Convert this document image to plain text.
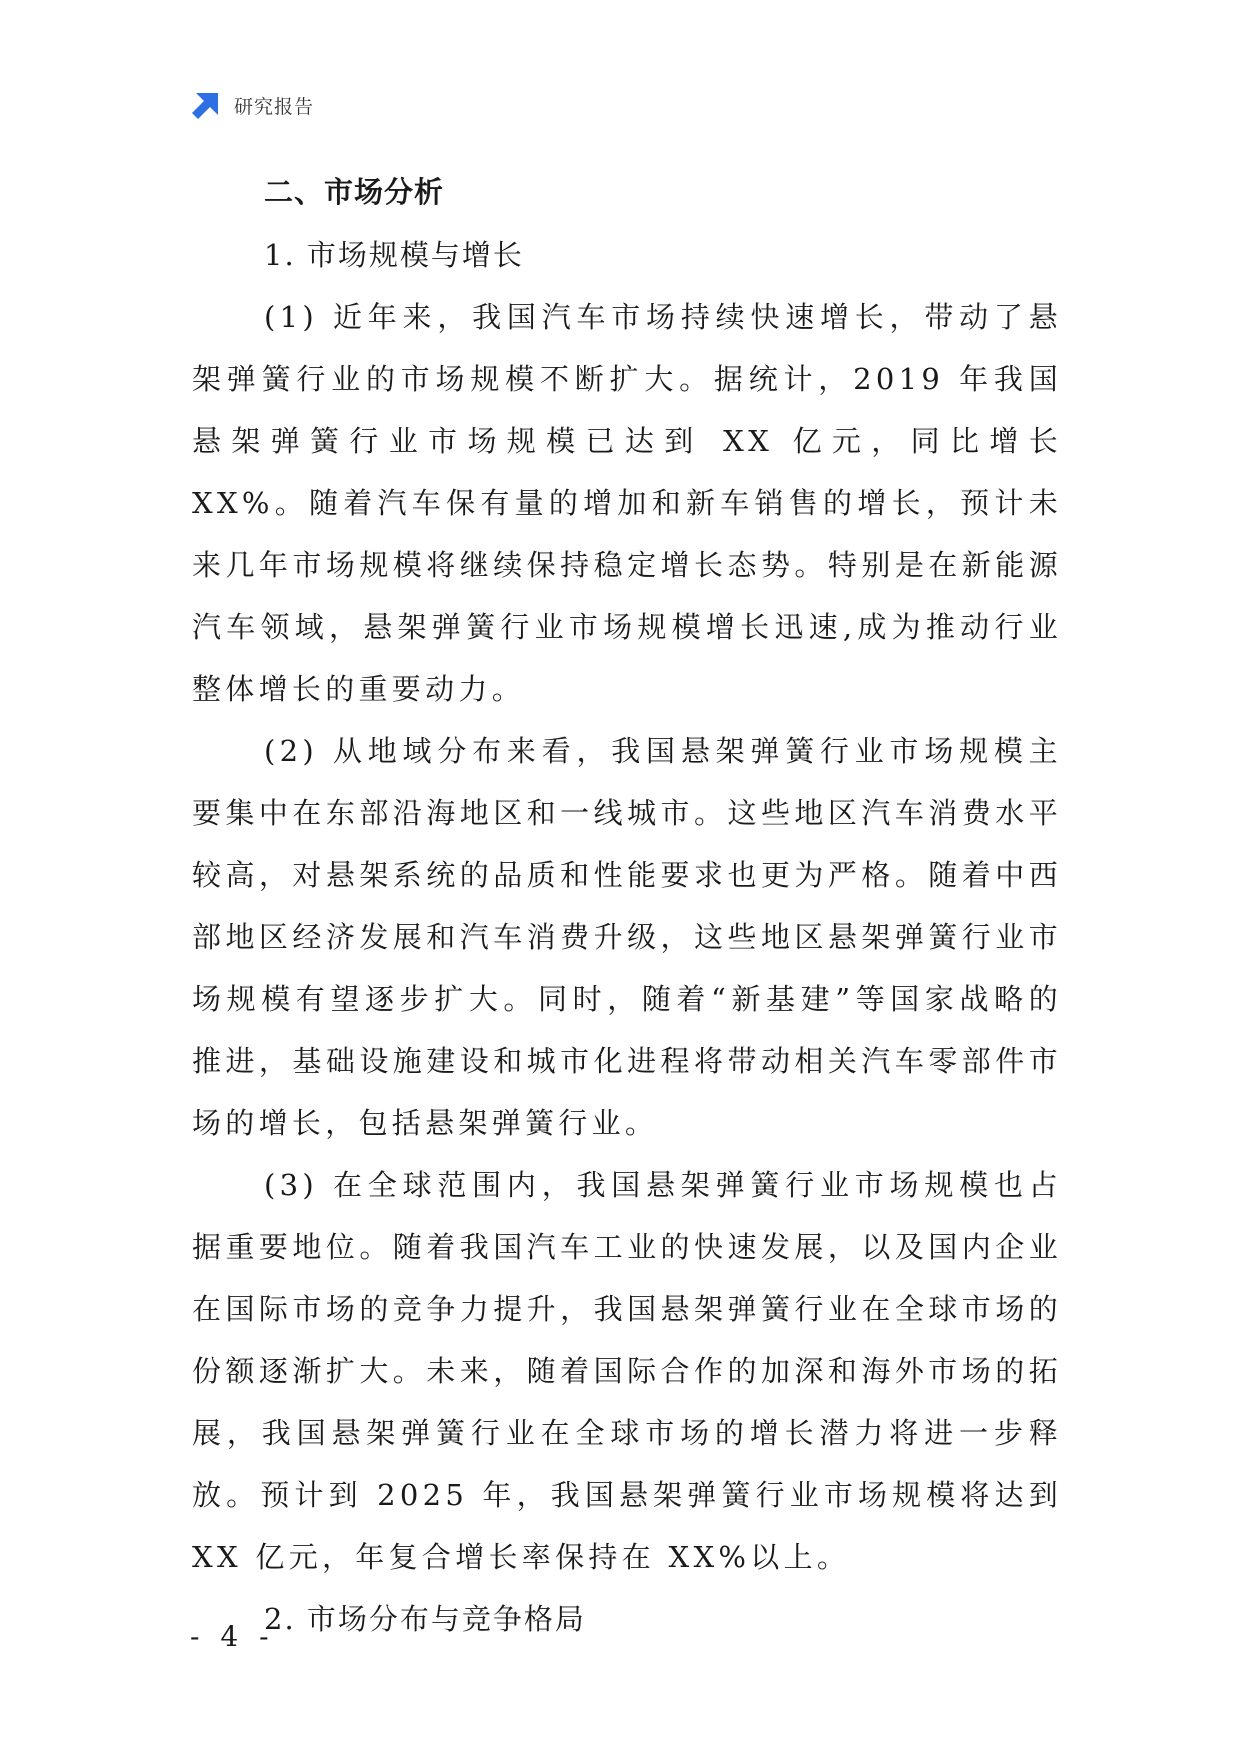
研究报告

二、市场分析

1. 市场规模与增长

(1) 近年来，我国汽车市场持续快速增长，带动了悬架弹簧行业的市场规模不断扩大。据统计，2019 年我国悬架弹簧行业市场规模已达到 XX 亿元，同比增长 XX%。随着汽车保有量的增加和新车销售的增长，预计未来几年市场规模将继续保持稳定增长态势。特别是在新能源汽车领域，悬架弹簧行业市场规模增长迅速,成为推动行业整体增长的重要动力。

(2) 从地域分布来看，我国悬架弹簧行业市场规模主要集中在东部沿海地区和一线城市。这些地区汽车消费水平较高，对悬架系统的品质和性能要求也更为严格。随着中西部地区经济发展和汽车消费升级，这些地区悬架弹簧行业市场规模有望逐步扩大。同时，随着“新基建”等国家战略的推进，基础设施建设和城市化进程将带动相关汽车零部件市场的增长，包括悬架弹簧行业。

(3) 在全球范围内，我国悬架弹簧行业市场规模也占据重要地位。随着我国汽车工业的快速发展，以及国内企业在国际市场的竞争力提升，我国悬架弹簧行业在全球市场的份额逐渐扩大。未来，随着国际合作的加深和海外市场的拓展，我国悬架弹簧行业在全球市场的增长潜力将进一步释放。预计到 2025 年，我国悬架弹簧行业市场规模将达到 XX 亿元，年复合增长率保持在 XX%以上。

2. 市场分布与竞争格局

- 4 -
